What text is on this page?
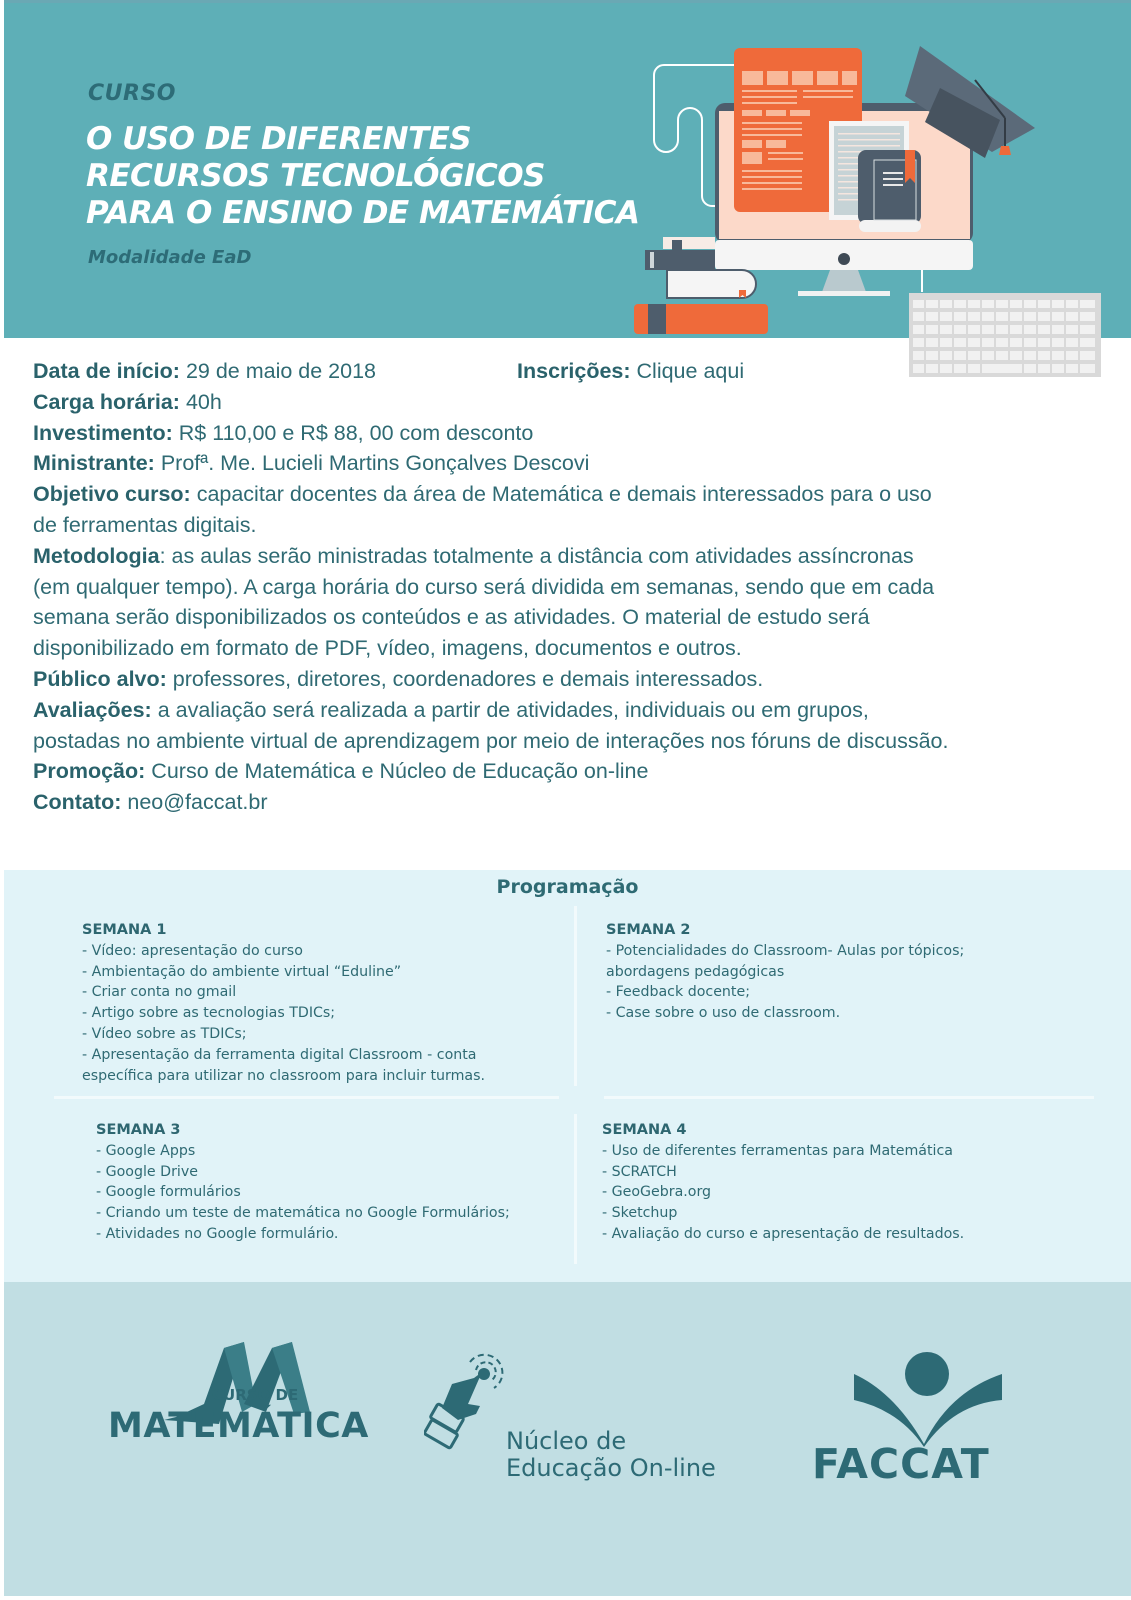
CURSO
O USO DE DIFERENTES
RECURSOS TECNOLÓGICOS
PARA O ENSINO DE MATEMÁTICA
Modalidade EaD

Data de início: 29 de maio de 2018	Inscrições: Clique aqui

Carga horária: 40h

Investimento: R$ 110,00 e R$ 88, 00 com desconto

Ministrante: Profª. Me. Lucieli Martins Gonçalves Descovi

Objetivo curso: capacitar docentes da área de Matemática e demais interessados para o uso

de ferramentas digitais.

Metodologia: as aulas serão ministradas totalmente a distância com atividades assíncronas

(em qualquer tempo). A carga horária do curso será dividida em semanas, sendo que em cada

semana serão disponibilizados os conteúdos e as atividades. O material de estudo será

disponibilizado em formato de PDF, vídeo, imagens, documentos e outros.

Público alvo: professores, diretores, coordenadores e demais interessados.

Avaliações: a avaliação será realizada a partir de atividades, individuais ou em grupos,

postadas no ambiente virtual de aprendizagem por meio de interações nos fóruns de discussão.

Promoção: Curso de Matemática e Núcleo de Educação on-line

Contato: neo@faccat.br

Programação
SEMANA 1
- Vídeo: apresentação do curso
- Ambientação do ambiente virtual “Eduline”
- Criar conta no gmail
- Artigo sobre as tecnologias TDICs;
- Vídeo sobre as TDICs;
- Apresentação da ferramenta digital Classroom - conta
específica para utilizar no classroom para incluir turmas.
SEMANA 2
- Potencialidades do Classroom- Aulas por tópicos;
abordagens pedagógicas
- Feedback docente;
- Case sobre o uso de classroom.
SEMANA 3
- Google Apps
- Google Drive
- Google formulários
- Criando um teste de matemática no Google Formulários;
- Atividades no Google formulário.
SEMANA 4
- Uso de diferentes ferramentas para Matemática
- SCRATCH
- GeoGebra.org
- Sketchup
- Avaliação do curso e apresentação de resultados.
CURSO DE
MATEMÁTICA	Núcleo de
Educação On-line FACCAT
